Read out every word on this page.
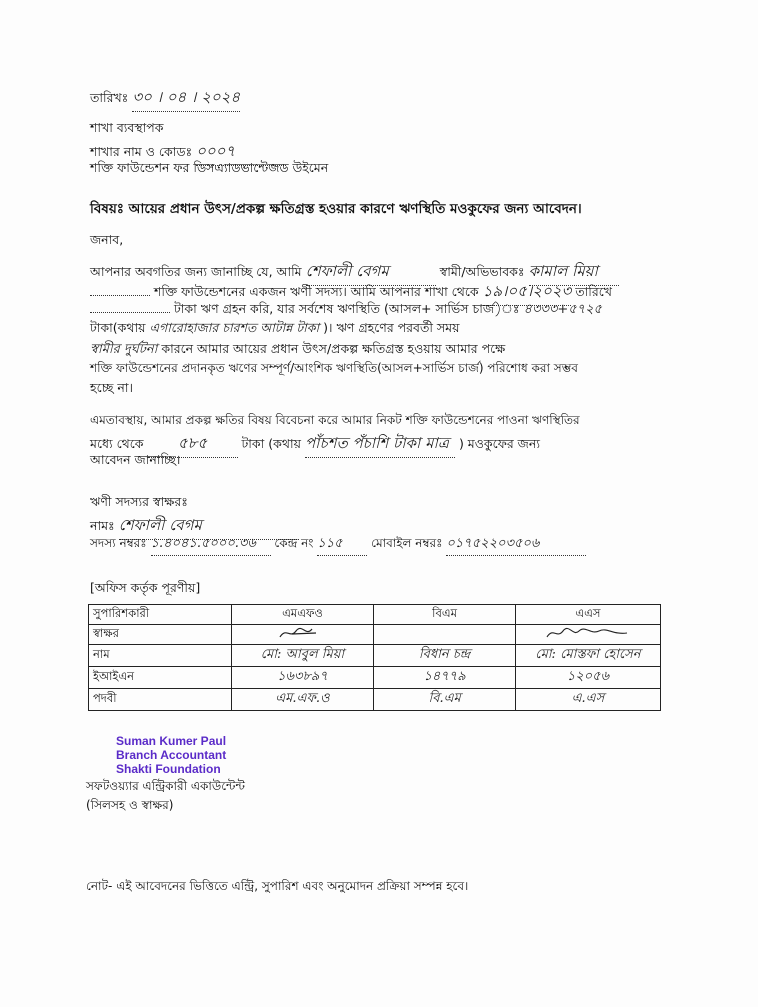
তারিখঃ ৩০ । ০৪ । ২০২৪
শাখা ব্যবস্থাপক
শাখার নাম ও কোডঃ ০০০৭
শক্তি ফাউন্ডেশন ফর ডিসএ্যাডভান্টেজড উইমেন
বিষয়ঃ আয়ের প্রধান উৎস/প্রকল্প ক্ষতিগ্রস্ত হওয়ার কারণে ঋণস্থিতি মওকুফের জন্য আবেদন।
জনাব,
আপনার অবগতির জন্য জানাচ্ছি যে, আমি শেফালী বেগম	স্বামী/অভিভাবকঃ কামাল মিয়া
শক্তি ফাউন্ডেশনের একজন ঋণী সদস্য। আমি আপনার শাখা থেকে ১৯।০৫।২০২৩ তারিখে
টাকা ঋণ গ্রহন করি, যার সর্বশেষ ঋণস্থিতি (আসল+ সার্ভিস চার্জ)ঃ ৪৩৩৩+৫৭২৫
টাকা(কথায় এগারোহাজার চারশত আটান্ন টাকা )। ঋণ গ্রহণের পরবর্তী সময়
স্বামীর দুর্ঘটনা কারনে আমার আয়ের প্রধান উৎস/প্রকল্প ক্ষতিগ্রস্ত হওয়ায় আমার পক্ষে
শক্তি ফাউন্ডেশনের প্রদানকৃত ঋণের সম্পূর্ণ/আংশিক ঋণস্থিতি(আসল+সার্ভিস চার্জ) পরিশোধ করা সম্ভব
হচ্ছে না।
এমতাবস্থায়, আমার প্রকল্প ক্ষতির বিষয় বিবেচনা করে আমার নিকট শক্তি ফাউন্ডেশনের পাওনা ঋণস্থিতির
মধ্যে থেকে ৫৮৫	টাকা (কথায় পাঁচশত পঁচাশি টাকা মাত্র ) মওকুফের জন্য
আবেদন জানাচ্ছি।
ঋণী সদস্যর স্বাক্ষরঃ
নামঃ শেফালী বেগম
সদস্য নম্বরঃ ১.৪০৪১.৫০০০.৩৬ কেন্দ্র নং ১১৫ মোবাইল নম্বরঃ ০১৭৫২২০৩৫০৬
[অফিস কর্তৃক পূরণীয়]
সুপারিশকারী	এমএফও	বিএম	এএস
স্বাক্ষর			
নাম	মো: আবুল মিয়া	বিধান চন্দ্র	মো: মোস্তফা হোসেন
ইআইএন	১৬৩৮৯৭	১৪৭৭৯	১২০৫৬
পদবী	এম.এফ.ও	বি.এম	এ.এস
Suman Kumer Paul
Branch Accountant
Shakti Foundation
সফটওয়্যার এন্ট্রিকারী একাউন্টেন্ট
(সিলসহ ও স্বাক্ষর)
নোট- এই আবেদনের ভিত্তিতে এন্ট্রি, সুপারিশ এবং অনুমোদন প্রক্রিয়া সম্পন্ন হবে।
